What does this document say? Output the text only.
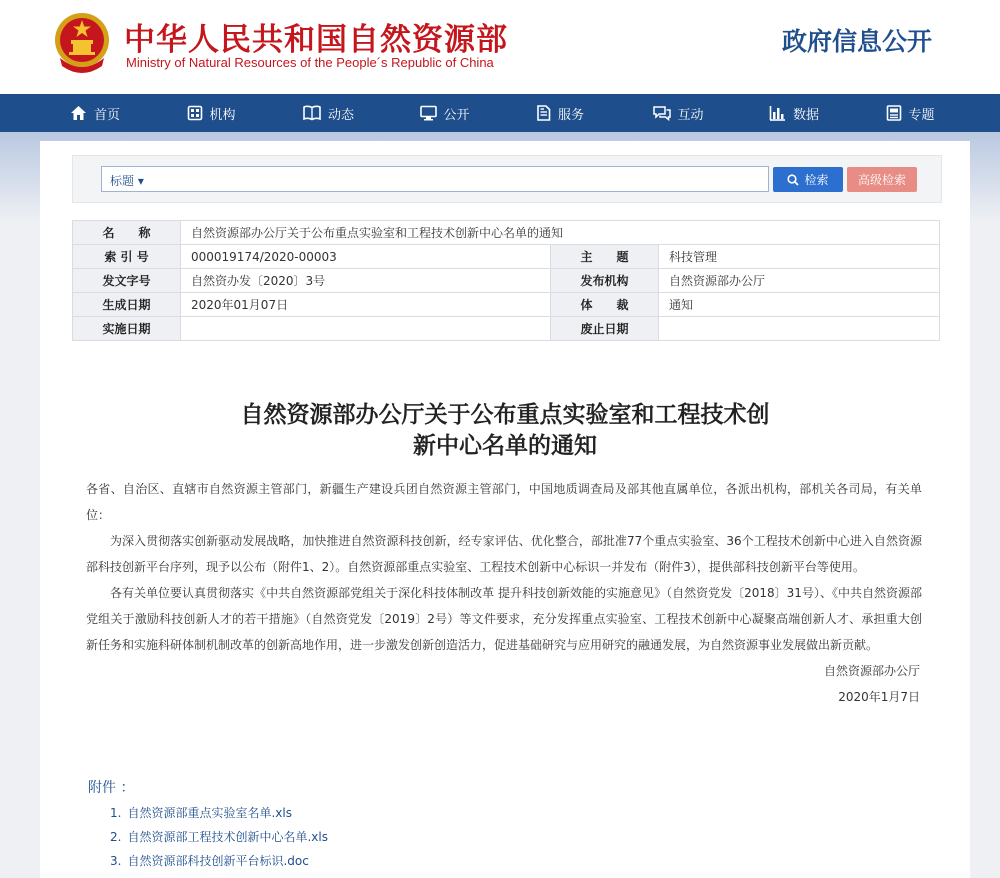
中华人民共和国自然资源部
Ministry of Natural Resources of the People´s Republic of China
政府信息公开
首页	机构	动态	公开	服务	互动	数据	专题
标题 ▾	检索	高级检索
名　　称	自然资源部办公厅关于公布重点实验室和工程技术创新中心名单的通知		
索 引 号	000019174/2020-00003	主　　题	科技管理
发文字号	自然资办发〔2020〕3号	发布机构	自然资源部办公厅
生成日期	2020年01月07日	体　　裁	通知
实施日期		废止日期	
自然资源部办公厅关于公布重点实验室和工程技术创
新中心名单的通知

各省、自治区、直辖市自然资源主管部门，新疆生产建设兵团自然资源主管部门，中国地质调查局及部其他直属单位，各派出机构，部机关各司局，有关单位：

为深入贯彻落实创新驱动发展战略，加快推进自然资源科技创新，经专家评估、优化整合，部批准77个重点实验室、36个工程技术创新中心进入自然资源部科技创新平台序列，现予以公布（附件1、2）。自然资源部重点实验室、工程技术创新中心标识一并发布（附件3），提供部科技创新平台等使用。

各有关单位要认真贯彻落实《中共自然资源部党组关于深化科技体制改革 提升科技创新效能的实施意见》（自然资党发〔2018〕31号）、《中共自然资源部党组关于激励科技创新人才的若干措施》（自然资党发〔2019〕2号）等文件要求，充分发挥重点实验室、工程技术创新中心凝聚高端创新人才、承担重大创新任务和实施科研体制机制改革的创新高地作用，进一步激发创新创造活力，促进基础研究与应用研究的融通发展，为自然资源事业发展做出新贡献。

自然资源部办公厅
2020年1月7日
附件 ：
1. 自然资源部重点实验室名单.xls
2. 自然资源部工程技术创新中心名单.xls
3. 自然资源部科技创新平台标识.doc
